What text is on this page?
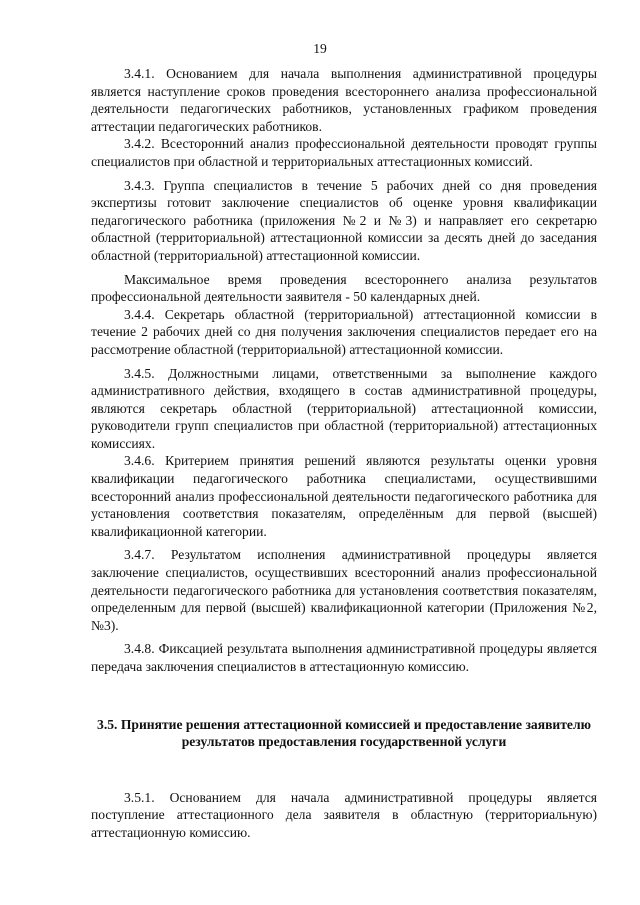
19

3.4.1. Основанием для начала выполнения административной процедуры является наступление сроков проведения всестороннего анализа профессиональной деятельности педагогических работников, установленных графиком проведения аттестации педагогических работников.

3.4.2. Всесторонний анализ профессиональной деятельности проводят группы специалистов при областной и территориальных аттестационных комиссий.

3.4.3. Группа специалистов в течение 5 рабочих дней со дня проведения экспертизы готовит заключение специалистов об оценке уровня квалификации педагогического работника (приложения №2 и №3) и направляет его секретарю областной (территориальной) аттестационной комиссии за десять дней до заседания областной (территориальной) аттестационной комиссии.

Максимальное время проведения всестороннего анализа результатов профессиональной деятельности заявителя - 50 календарных дней.

3.4.4. Секретарь областной (территориальной) аттестационной комиссии в течение 2 рабочих дней со дня получения заключения специалистов передает его на рассмотрение областной (территориальной) аттестационной комиссии.

3.4.5. Должностными лицами, ответственными за выполнение каждого административного действия, входящего в состав административной процедуры, являются секретарь областной (территориальной) аттестационной комиссии, руководители групп специалистов при областной (территориальной) аттестационных комиссиях.

3.4.6. Критерием принятия решений являются результаты оценки уровня квалификации педагогического работника специалистами, осуществившими всесторонний анализ профессиональной деятельности педагогического работника для установления соответствия показателям, определённым для первой (высшей) квалификационной категории.

3.4.7. Результатом исполнения административной процедуры является заключение специалистов, осуществивших всесторонний анализ профессиональной деятельности педагогического работника для установления соответствия показателям, определенным для первой (высшей) квалификационной категории (Приложения №2, №3).

3.4.8. Фиксацией результата выполнения административной процедуры является передача заключения специалистов в аттестационную комиссию.

3.5. Принятие решения аттестационной комиссией и предоставление заявителю результатов предоставления государственной услуги

3.5.1. Основанием для начала административной процедуры является поступление аттестационного дела заявителя в областную (территориальную) аттестационную комиссию.
